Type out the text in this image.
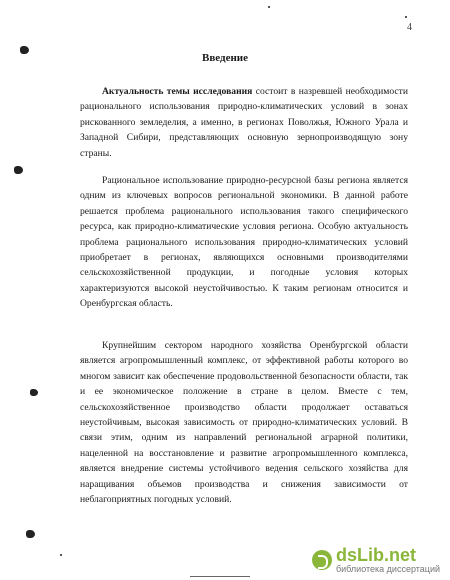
4
Введение

Актуальность темы исследования состоит в назревшей необходимости рационального использования природно-климатических условий в зонах рискованного земледелия, а именно, в регионах Поволжья, Южного Урала и Западной Сибири, представляющих основную зернопроизводящую зону страны.

Рациональное использование природно-ресурсной базы региона является одним из ключевых вопросов региональной экономики. В данной работе решается проблема рационального использования такого специфического ресурса, как природно-климатические условия региона. Особую актуальность проблема рационального использования природно-климатических условий приобретает в регионах, являющихся основными производителями сельскохозяйственной продукции, и погодные условия которых характеризуются высокой неустойчивостью. К таким регионам относится и Оренбургская область.

Крупнейшим сектором народного хозяйства Оренбургской области является агропромышленный комплекс, от эффективной работы которого во многом зависит как обеспечение продовольственной безопасности области, так и ее экономическое положение в стране в целом. Вместе с тем, сельскохозяйственное производство области продолжает оставаться неустойчивым, высокая зависимость от природно-климатических условий. В связи этим, одним из направлений региональной аграрной политики, нацеленной на восстановление и развитие агропромышленного комплекса, является внедрение системы устойчивого ведения сельского хозяйства для наращивания объемов производства и снижения зависимости от неблагоприятных погодных условий.

dsLib.net
библиотека диссертаций
